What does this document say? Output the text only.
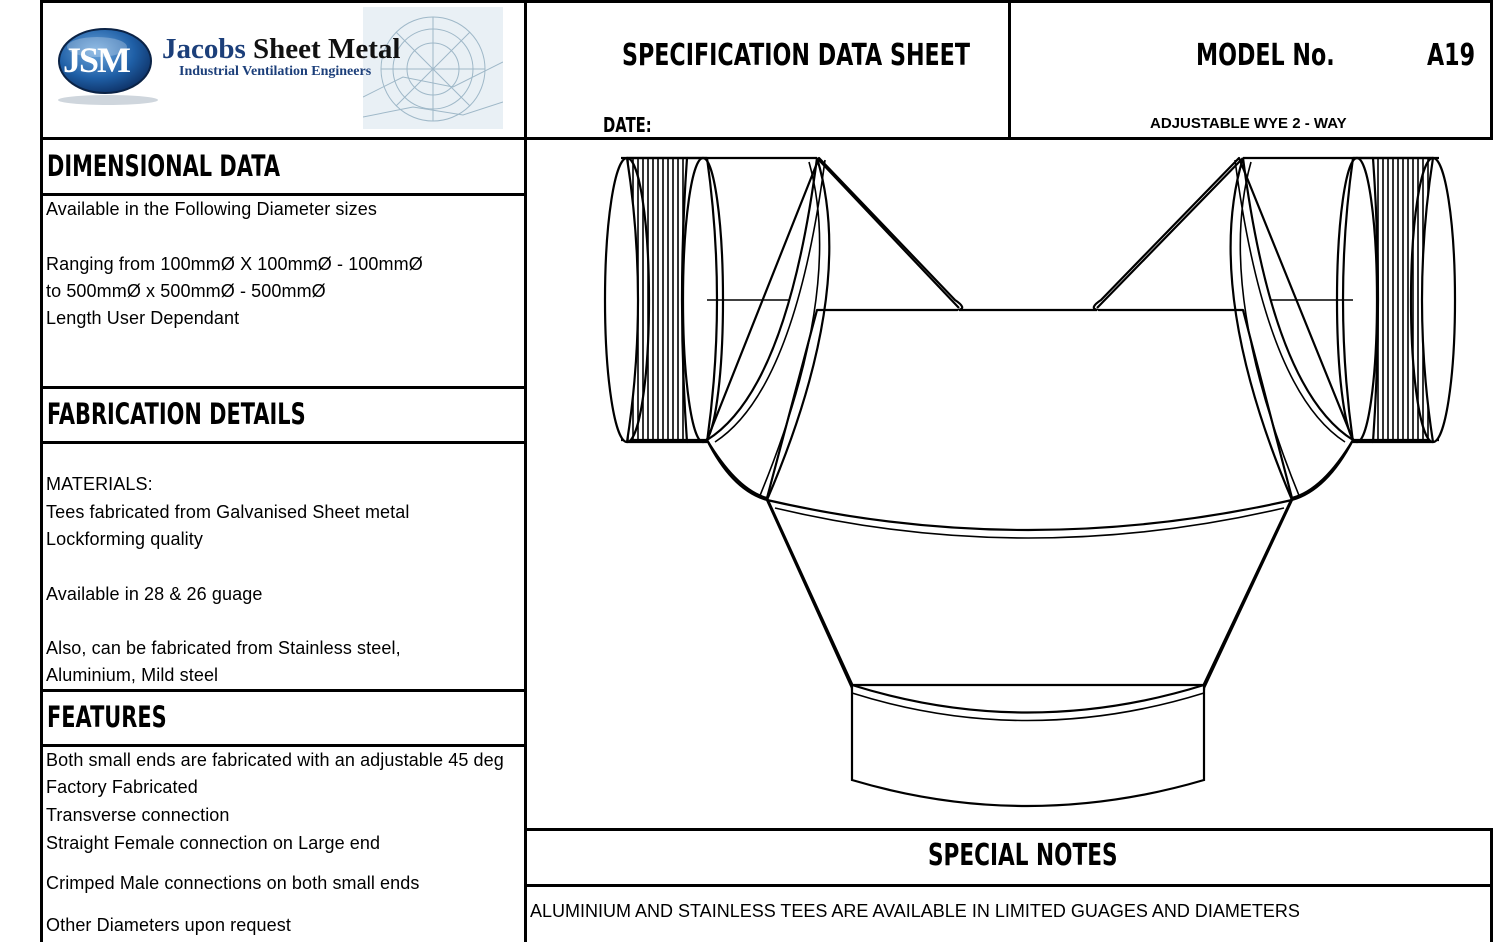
JSM Jacobs Sheet Metal
Industrial Ventilation Engineers	SPECIFICATION DATA SHEET
DATE:
MODEL No.	A19
ADJUSTABLE WYE 2 - WAY
DIMENSIONAL DATA
Available in the Following Diameter sizes
Ranging from 100mmØ X 100mmØ - 100mmØ
to 500mmØ x 500mmØ - 500mmØ
Length User Dependant
FABRICATION DETAILS
MATERIALS:
Tees fabricated from Galvanised Sheet metal
Lockforming quality
Available in 28 & 26 guage
Also, can be fabricated from Stainless steel,
Aluminium, Mild steel
FEATURES
Both small ends are fabricated with an adjustable 45 deg
Factory Fabricated
Transverse connection
Straight Female connection on Large end
Crimped Male connections on both small ends
Other Diameters upon request
SPECIAL NOTES
ALUMINIUM AND STAINLESS TEES ARE AVAILABLE IN LIMITED GUAGES AND DIAMETERS
